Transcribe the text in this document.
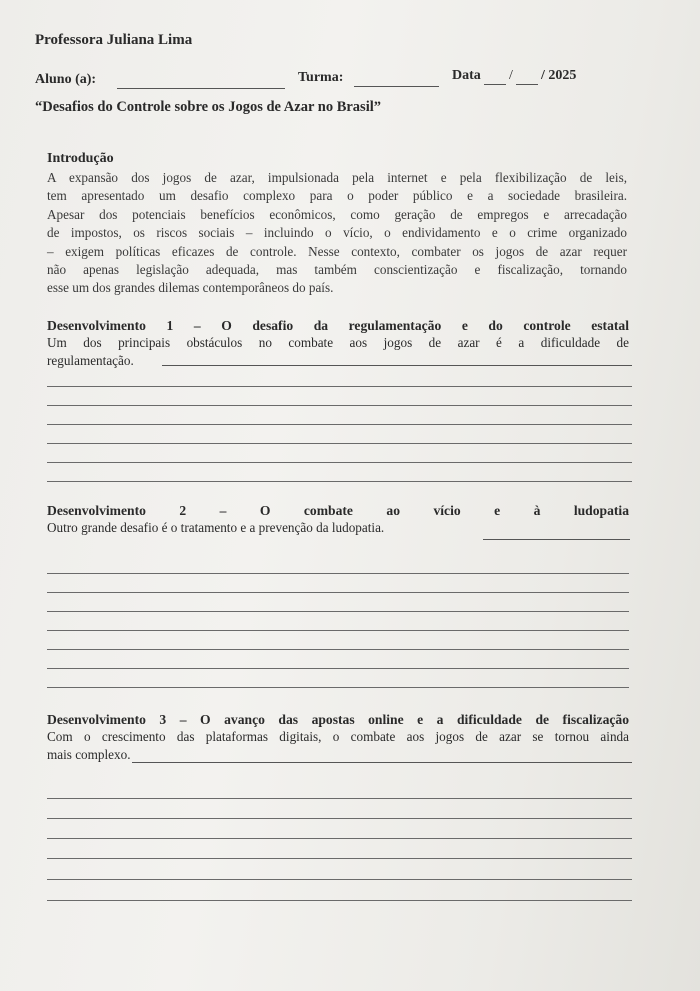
Professora Juliana Lima
Aluno (a):	Turma:	Data / / 2025
“Desafios do Controle sobre os Jogos de Azar no Brasil”
Introdução
A expansão dos jogos de azar, impulsionada pela internet e pela flexibilização de leis,
tem apresentado um desafio complexo para o poder público e a sociedade brasileira.
Apesar dos potenciais benefícios econômicos, como geração de empregos e arrecadação
de impostos, os riscos sociais – incluindo o vício, o endividamento e o crime organizado
– exigem políticas eficazes de controle. Nesse contexto, combater os jogos de azar requer
não apenas legislação adequada, mas também conscientização e fiscalização, tornando
esse um dos grandes dilemas contemporâneos do país.
Desenvolvimento 1 – O desafio da regulamentação e do controle estatal
Um dos principais obstáculos no combate aos jogos de azar é a dificuldade de
regulamentação.
Desenvolvimento 2 – O combate ao vício e à ludopatia
Outro grande desafio é o tratamento e a prevenção da ludopatia.
Desenvolvimento 3 – O avanço das apostas online e a dificuldade de fiscalização
Com o crescimento das plataformas digitais, o combate aos jogos de azar se tornou ainda
mais complexo.
